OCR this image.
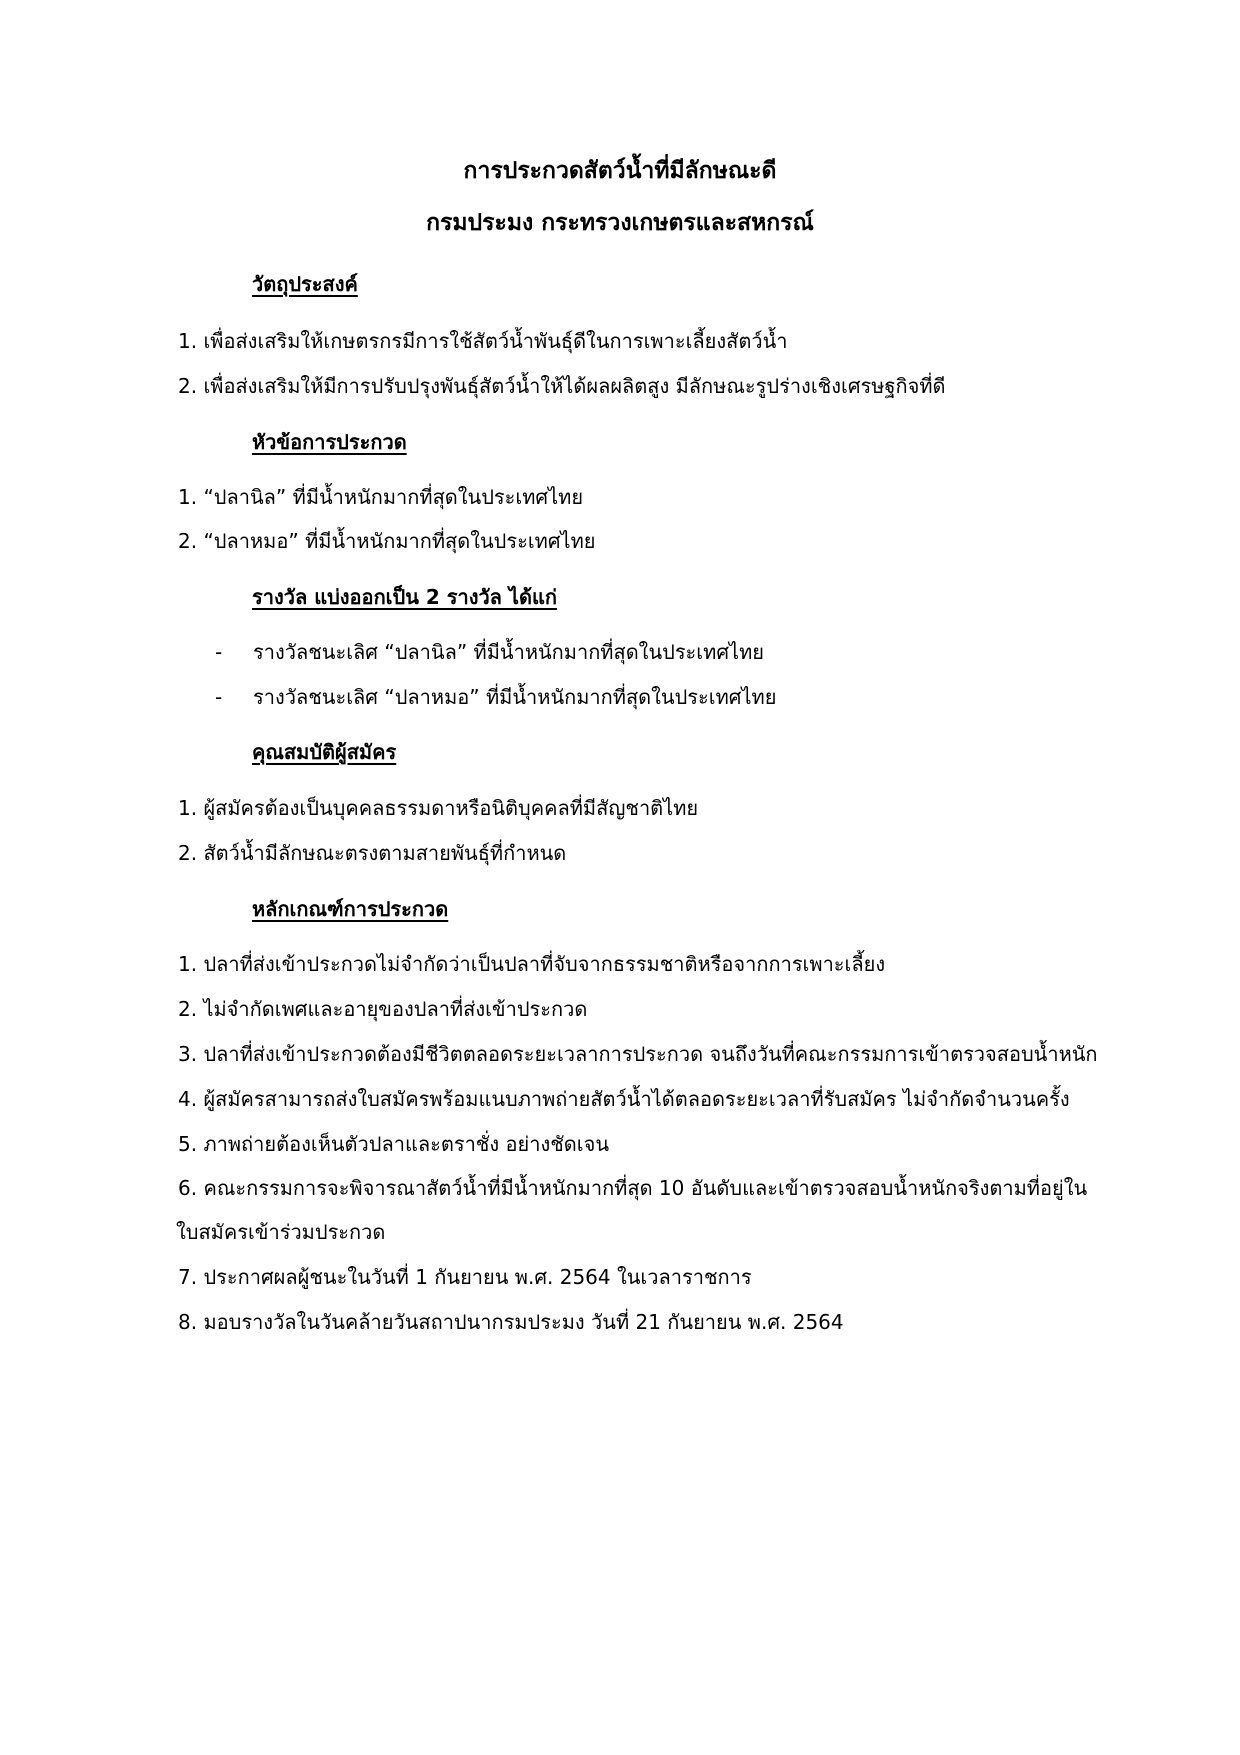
การประกวดสัตว์น้ำที่มีลักษณะดี
กรมประมง กระทรวงเกษตรและสหกรณ์
วัตถุประสงค์
1. เพื่อส่งเสริมให้เกษตรกรมีการใช้สัตว์น้ำพันธุ์ดีในการเพาะเลี้ยงสัตว์น้ำ
2. เพื่อส่งเสริมให้มีการปรับปรุงพันธุ์สัตว์น้ำให้ได้ผลผลิตสูง มีลักษณะรูปร่างเชิงเศรษฐกิจที่ดี
หัวข้อการประกวด
1. “ปลานิล” ที่มีน้ำหนักมากที่สุดในประเทศไทย
2. “ปลาหมอ” ที่มีน้ำหนักมากที่สุดในประเทศไทย
รางวัล แบ่งออกเป็น 2 รางวัล ได้แก่
- รางวัลชนะเลิศ “ปลานิล” ที่มีน้ำหนักมากที่สุดในประเทศไทย
- รางวัลชนะเลิศ “ปลาหมอ” ที่มีน้ำหนักมากที่สุดในประเทศไทย
คุณสมบัติผู้สมัคร
1. ผู้สมัครต้องเป็นบุคคลธรรมดาหรือนิติบุคคลที่มีสัญชาติไทย
2. สัตว์น้ำมีลักษณะตรงตามสายพันธุ์ที่กำหนด
หลักเกณฑ์การประกวด
1. ปลาที่ส่งเข้าประกวดไม่จำกัดว่าเป็นปลาที่จับจากธรรมชาติหรือจากการเพาะเลี้ยง
2. ไม่จำกัดเพศและอายุของปลาที่ส่งเข้าประกวด
3. ปลาที่ส่งเข้าประกวดต้องมีชีวิตตลอดระยะเวลาการประกวด จนถึงวันที่คณะกรรมการเข้าตรวจสอบน้ำหนัก
4. ผู้สมัครสามารถส่งใบสมัครพร้อมแนบภาพถ่ายสัตว์น้ำได้ตลอดระยะเวลาที่รับสมัคร ไม่จำกัดจำนวนครั้ง
5. ภาพถ่ายต้องเห็นตัวปลาและตราชั่ง อย่างชัดเจน
6. คณะกรรมการจะพิจารณาสัตว์น้ำที่มีน้ำหนักมากที่สุด 10 อันดับและเข้าตรวจสอบน้ำหนักจริงตามที่อยู่ใน
ใบสมัครเข้าร่วมประกวด
7. ประกาศผลผู้ชนะในวันที่ 1 กันยายน พ.ศ. 2564 ในเวลาราชการ
8. มอบรางวัลในวันคล้ายวันสถาปนากรมประมง วันที่ 21 กันยายน พ.ศ. 2564
